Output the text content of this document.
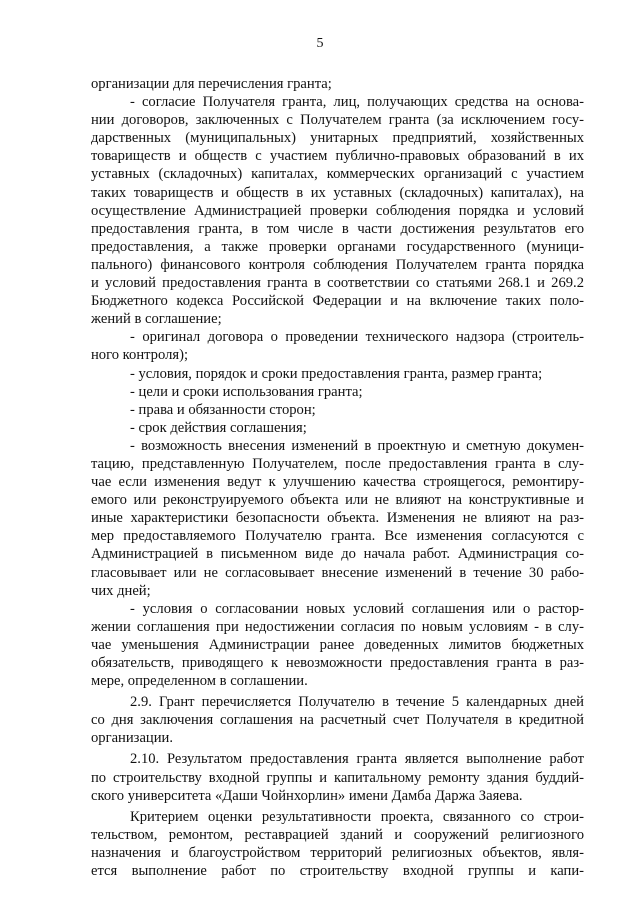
5
организации для перечисления гранта;
- согласие Получателя гранта, лиц, получающих средства на основа-
нии договоров, заключенных с Получателем гранта (за исключением госу-
дарственных (муниципальных) унитарных предприятий, хозяйственных
товариществ и обществ с участием публично-правовых образований в их
уставных (складочных) капиталах, коммерческих организаций с участием
таких товариществ и обществ в их уставных (складочных) капиталах), на
осуществление Администрацией проверки соблюдения порядка и условий
предоставления гранта, в том числе в части достижения результатов его
предоставления, а также проверки органами государственного (муници-
пального) финансового контроля соблюдения Получателем гранта порядка
и условий предоставления гранта в соответствии со статьями 268.1 и 269.2
Бюджетного кодекса Российской Федерации и на включение таких поло-
жений в соглашение;
- оригинал договора о проведении технического надзора (строитель-
ного контроля);
- условия, порядок и сроки предоставления гранта, размер гранта;
- цели и сроки использования гранта;
- права и обязанности сторон;
- срок действия соглашения;
- возможность внесения изменений в проектную и сметную докумен-
тацию, представленную Получателем, после предоставления гранта в слу-
чае если изменения ведут к улучшению качества строящегося, ремонтиру-
емого или реконструируемого объекта или не влияют на конструктивные и
иные характеристики безопасности объекта. Изменения не влияют на раз-
мер предоставляемого Получателю гранта. Все изменения согласуются с
Администрацией в письменном виде до начала работ. Администрация со-
гласовывает или не согласовывает внесение изменений в течение 30 рабо-
чих дней;
- условия о согласовании новых условий соглашения или о растор-
жении соглашения при недостижении согласия по новым условиям - в слу-
чае уменьшения Администрации ранее доведенных лимитов бюджетных
обязательств, приводящего к невозможности предоставления гранта в раз-
мере, определенном в соглашении.
2.9. Грант перечисляется Получателю в течение 5 календарных дней
со дня заключения соглашения на расчетный счет Получателя в кредитной
организации.
2.10. Результатом предоставления гранта является выполнение работ
по строительству входной группы и капитальному ремонту здания буддий-
ского университета «Даши Чойнхорлин» имени Дамба Даржа Заяева.
Критерием оценки результативности проекта, связанного со строи-
тельством, ремонтом, реставрацией зданий и сооружений религиозного
назначения и благоустройством территорий религиозных объектов, явля-
ется выполнение работ по строительству входной группы и капи-
